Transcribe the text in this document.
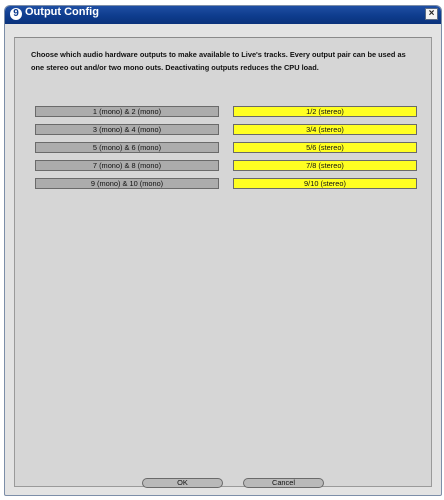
9 Output Config	×
Choose which audio hardware outputs to make available to Live's tracks. Every output pair can be used as one stereo out and/or two mono outs. Deactivating outputs reduces the CPU load.
1 (mono) & 2 (mono)	1/2 (stereo)
3 (mono) & 4 (mono)	3/4 (stereo)
5 (mono) & 6 (mono)	5/6 (stereo)
7 (mono) & 8 (mono)	7/8 (stereo)
9 (mono) & 10 (mono)	9/10 (stereo)
OK	Cancel
